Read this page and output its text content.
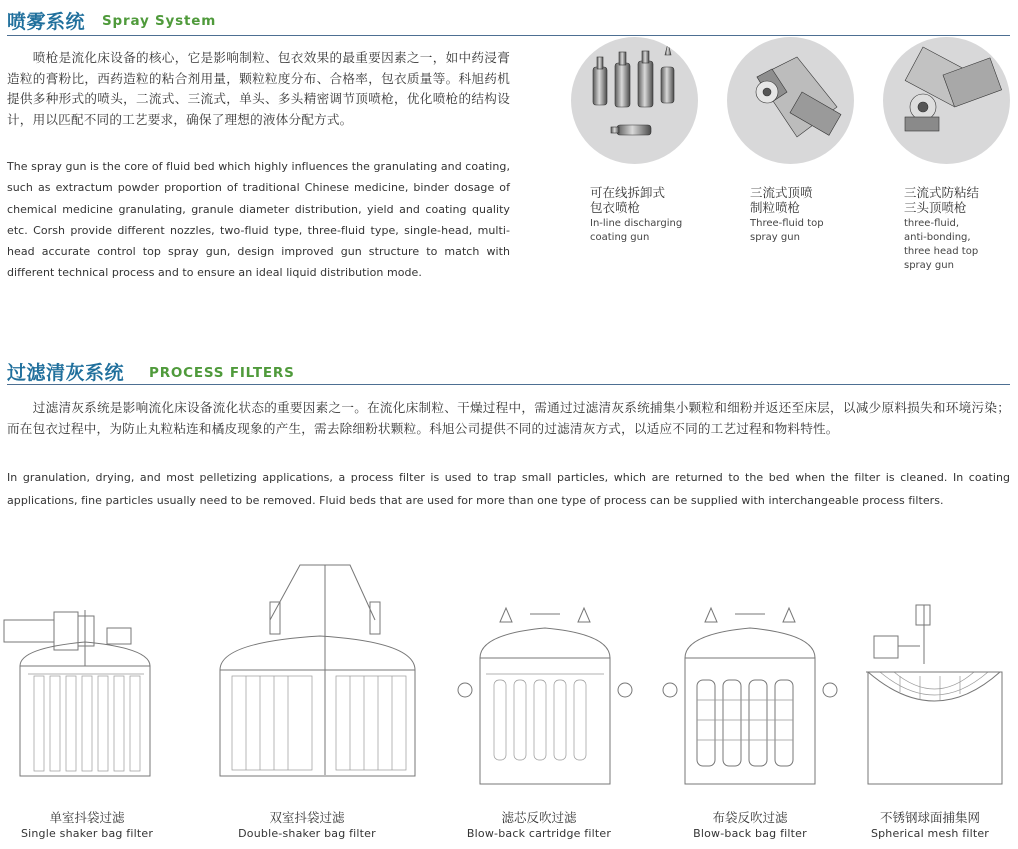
喷雾系统 Spray System
　　喷枪是流化床设备的核心，它是影响制粒、包衣效果的最重要因素之一，如中药浸膏造粒的膏粉比，西药造粒的粘合剂用量，颗粒粒度分布、合格率，包衣质量等。科旭药机提供多种形式的喷头，二流式、三流式，单头、多头精密调节顶喷枪，优化喷枪的结构设计，用以匹配不同的工艺要求，确保了理想的液体分配方式。
The spray gun is the core of fluid bed which highly influences the granulating and coating, such as extractum powder proportion of traditional Chinese medicine, binder dosage of chemical medicine granulating, granule diameter distribution, yield and coating quality etc. Corsh provide different nozzles, two-fluid type, three-fluid type, single-head, multi-head accurate control top spray gun, design improved gun structure to match with different technical process and to ensure an ideal liquid distribution mode.
可在线拆卸式
包衣喷枪
In-line discharging
coating gun
三流式顶喷
制粒喷枪
Three-fluid top
spray gun
三流式防粘结
三头顶喷枪
three-fluid,
anti-bonding,
three head top
spray gun
过滤清灰系统 PROCESS FILTERS
　　过滤清灰系统是影响流化床设备流化状态的重要因素之一。在流化床制粒、干燥过程中，需通过过滤清灰系统捕集小颗粒和细粉并返还至床层，以减少原料损失和环境污染；而在包衣过程中，为防止丸粒粘连和橘皮现象的产生，需去除细粉状颗粒。科旭公司提供不同的过滤清灰方式，以适应不同的工艺过程和物料特性。
In granulation, drying, and most pelletizing applications, a process filter is used to trap small particles, which are returned to the bed when the filter is cleaned. In coating applications, fine particles usually need to be removed. Fluid beds that are used for more than one type of process can be supplied with interchangeable process filters.
单室抖袋过滤
Single shaker bag filter
双室抖袋过滤
Double-shaker bag filter
滤芯反吹过滤
Blow-back cartridge filter
布袋反吹过滤
Blow-back bag filter
不锈钢球面捕集网
Spherical mesh filter
